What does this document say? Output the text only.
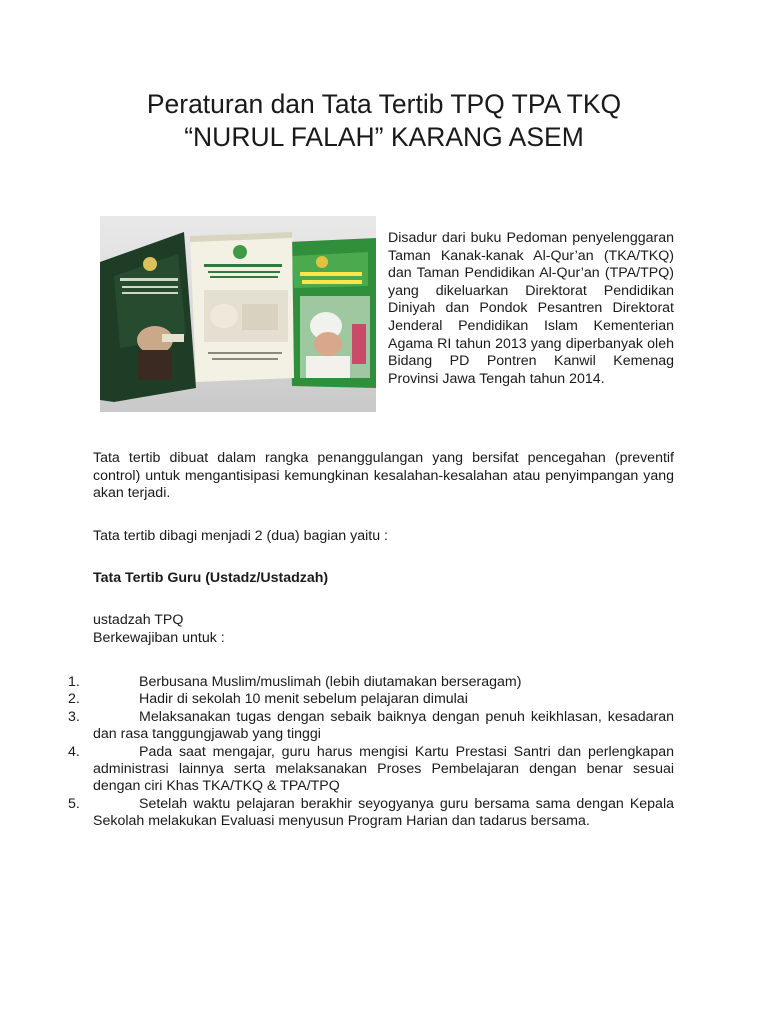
Peraturan dan Tata Tertib TPQ TPA TKQ
“NURUL FALAH” KARANG ASEM

Disadur dari buku Pedoman penyelenggaran Taman Kanak-kanak Al-Qur’an (TKA/TKQ) dan Taman Pendidikan Al-Qur’an (TPA/TPQ) yang dikeluarkan Direktorat Pendidikan Diniyah dan Pondok Pesantren Direktorat Jenderal Pendidikan Islam Kementerian Agama RI tahun 2013 yang diperbanyak oleh Bidang PD Pontren Kanwil Kemenag Provinsi Jawa Tengah tahun 2014.

Tata tertib dibuat dalam rangka penanggulangan yang bersifat pencegahan (preventif control) untuk mengantisipasi kemungkinan kesalahan-kesalahan atau penyimpangan yang akan terjadi.

Tata tertib dibagi menjadi 2 (dua) bagian yaitu :

Tata Tertib Guru (Ustadz/Ustadzah)

ustadzah TPQ
Berkewajiban untuk :

1.	Berbusana Muslim/muslimah (lebih diutamakan berseragam)
2.	Hadir di sekolah 10 menit sebelum pelajaran dimulai
3.	Melaksanakan tugas dengan sebaik baiknya dengan penuh keikhlasan, kesadaran dan rasa tanggungjawab yang tinggi
4.	Pada saat mengajar, guru harus mengisi Kartu Prestasi Santri dan perlengkapan administrasi lainnya serta melaksanakan Proses Pembelajaran dengan benar sesuai dengan ciri Khas TKA/TKQ & TPA/TPQ
5.	Setelah waktu pelajaran berakhir seyogyanya guru bersama sama dengan Kepala Sekolah melakukan Evaluasi menyusun Program Harian dan tadarus bersama.
